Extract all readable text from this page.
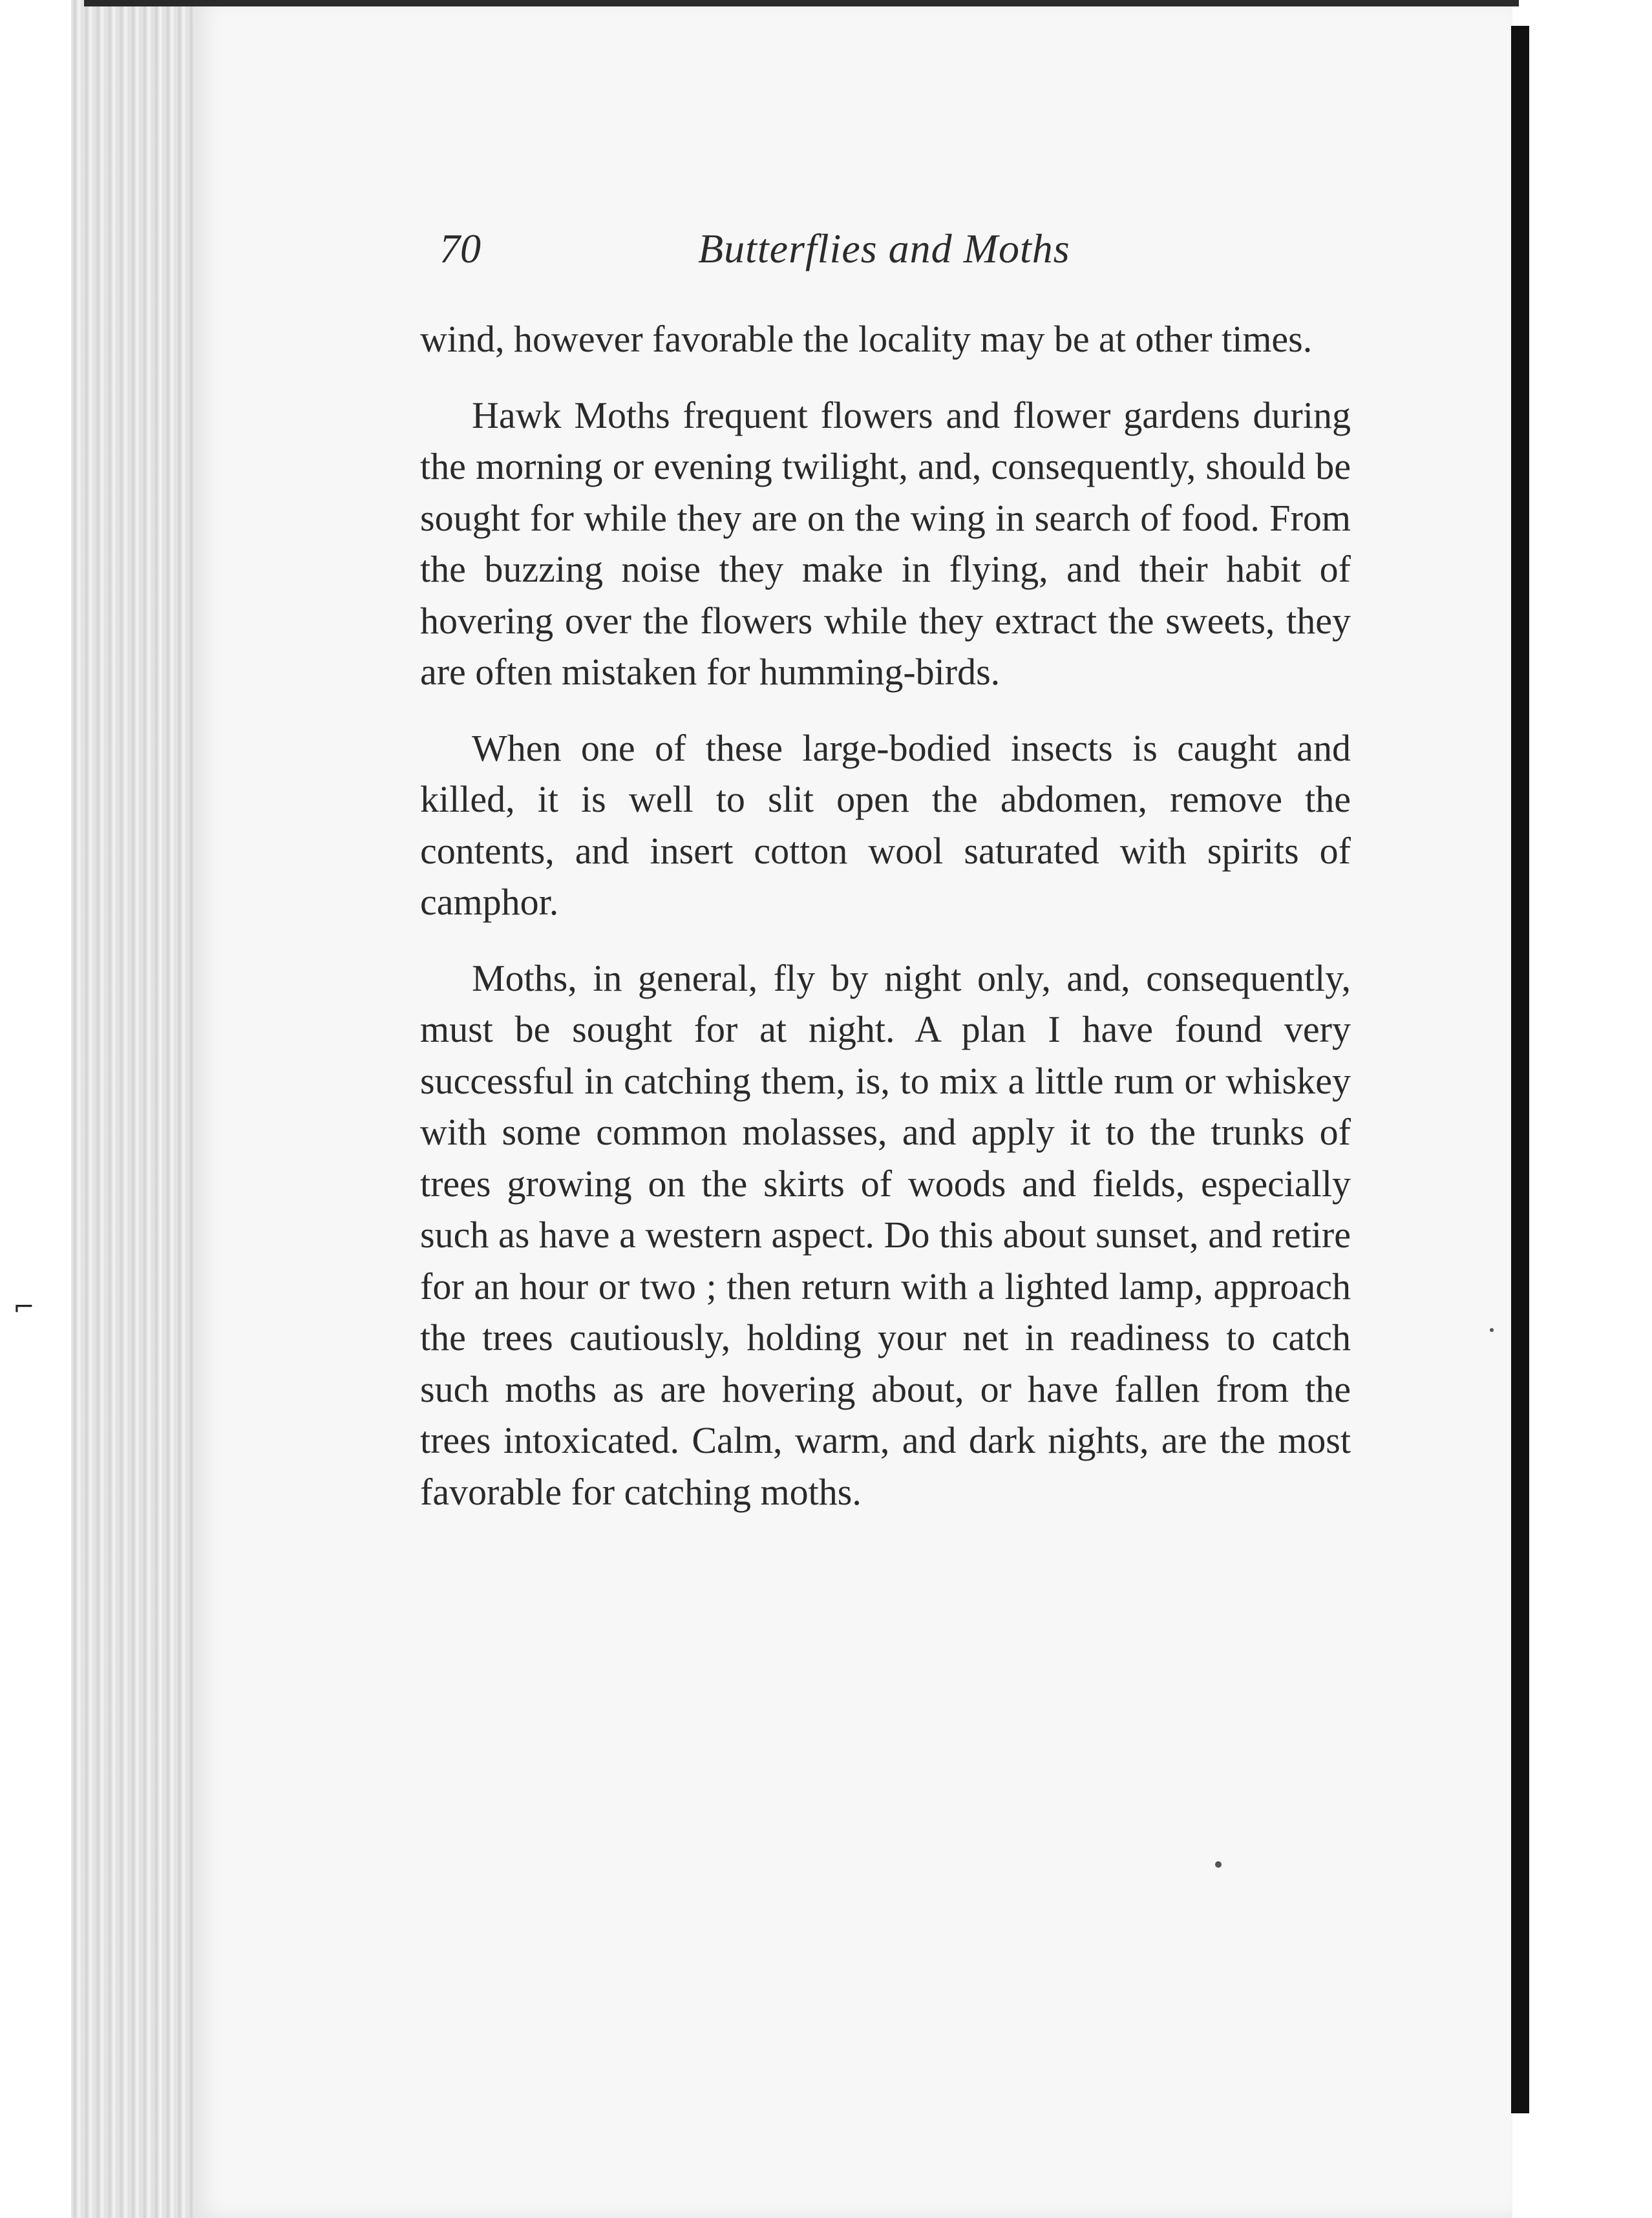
⌐
70	Butterflies and Moths

wind, however favorable the locality may be at other times.

Hawk Moths frequent flowers and flower gardens during the morning or evening twilight, and, consequently, should be sought for while they are on the wing in search of food. From the buzzing noise they make in flying, and their habit of hovering over the flowers while they extract the sweets, they are often mistaken for humming-birds.

When one of these large-bodied insects is caught and killed, it is well to slit open the abdomen, remove the contents, and insert cotton wool saturated with spirits of camphor.

Moths, in general, fly by night only, and, consequently, must be sought for at night. A plan I have found very successful in catching them, is, to mix a little rum or whiskey with some common molasses, and apply it to the trunks of trees growing on the skirts of woods and fields, especially such as have a western aspect. Do this about sunset, and retire for an hour or two ; then return with a lighted lamp, approach the trees cautiously, holding your net in readiness to catch such moths as are hovering about, or have fallen from the trees intoxicated. Calm, warm, and dark nights, are the most favorable for catching moths.
